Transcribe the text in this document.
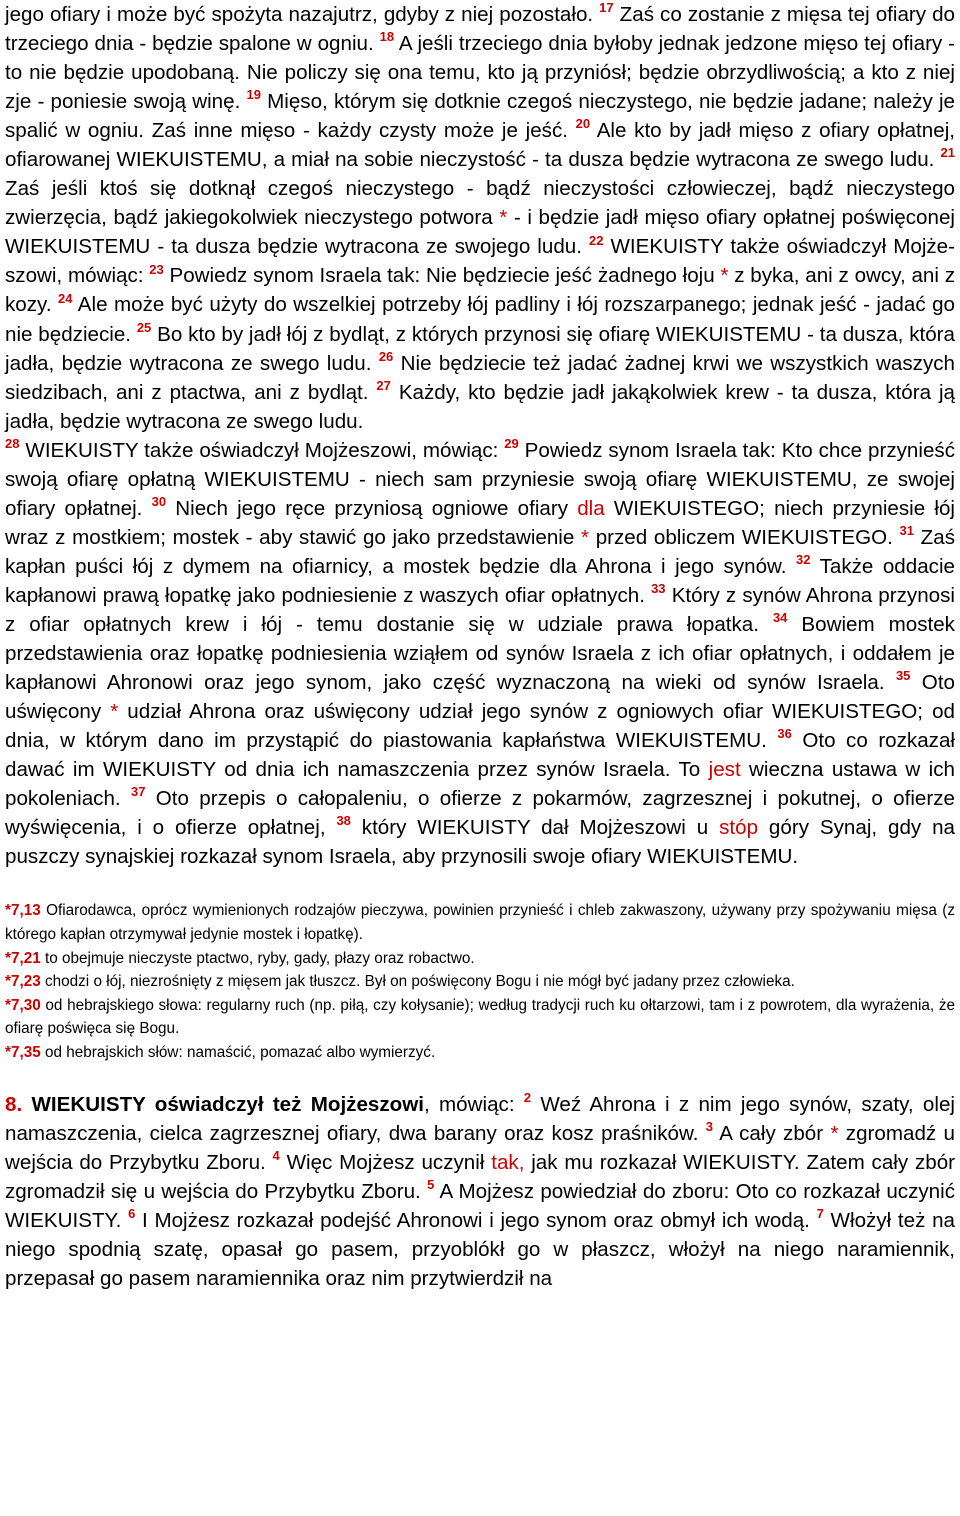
jego ofiary i może być spożyta nazajutrz, gdyby z niej pozostało. $^{17}$ Zaś co zostanie z mięsa tej ofiary do trzeciego dnia - będzie spalone w ogniu. $^{18}$ A jeśli trzeciego dnia byłoby jednak jedzone mięso tej ofiary - to nie będzie upodobaną. Nie policzy się ona temu, kto ją przyniósł; będzie obrzydliwością; a kto z niej zje - poniesie swoją winę. $^{19}$ Mięso, którym się dotknie czegoś nieczystego, nie będzie jadane; należy je spalić w ogniu. Zaś inne mięso - każdy czysty może je jeść. $^{20}$ Ale kto by jadł mięso z ofiary opłatnej, ofiarowanej WIEKUISTEMU, a miał na sobie nieczystość - ta dusza będzie wytracona ze swego ludu. $^{21}$ Zaś jeśli ktoś się dotknął czegoś nieczystego - bądź nieczystości człowieczej, bądź nieczystego zwierzęcia, bądź jakiegokolwiek nieczystego potwora * - i będzie jadł mięso ofiary opłatnej poświęconej WIEKUISTEMU - ta dusza będzie wytracona ze swojego ludu. $^{22}$ WIEKUISTY także oświadczył Mojżeszowi, mówiąc: $^{23}$ Powiedz synom Israela tak: Nie będziecie jeść żadnego łoju * z byka, ani z owcy, ani z kozy. $^{24}$ Ale może być użyty do wszelkiej potrzeby łój padliny i łój rozszarpanego; jednak jeść - jadać go nie będziecie. $^{25}$ Bo kto by jadł łój z bydląt, z których przynosi się ofiarę WIEKUISTEMU - ta dusza, która jadła, będzie wytracona ze swego ludu. $^{26}$ Nie będziecie też jadać żadnej krwi we wszystkich waszych siedzibach, ani z ptactwa, ani z bydląt. $^{27}$ Każdy, kto będzie jadł jakąkolwiek krew - ta dusza, która ją jadła, będzie wytracona ze swego ludu.

$^{28}$ WIEKUISTY także oświadczył Mojżeszowi, mówiąc: $^{29}$ Powiedz synom Israela tak: Kto chce przynieść swoją ofiarę opłatną WIEKUISTEMU - niech sam przyniesie swoją ofiarę WIEKUISTEMU, ze swojej ofiary opłatnej. $^{30}$ Niech jego ręce przyniosą ogniowe ofiary dla WIEKUISTEGO; niech przyniesie łój wraz z mostkiem; mostek - aby stawić go jako przedstawienie * przed obliczem WIEKUISTEGO. $^{31}$ Zaś kapłan puści łój z dymem na ofiarnicy, a mostek będzie dla Ahrona i jego synów. $^{32}$ Także oddacie kapłanowi prawą łopatkę jako podniesienie z waszych ofiar opłatnych. $^{33}$ Który z synów Ahrona przynosi z ofiar opłatnych krew i łój - temu dostanie się w udziale prawa łopatka. $^{34}$ Bowiem mostek przedstawienia oraz łopatkę podniesienia wziąłem od synów Israela z ich ofiar opłatnych, i oddałem je kapłanowi Ahronowi oraz jego synom, jako część wyznaczoną na wieki od synów Israela. $^{35}$ Oto uświęcony * udział Ahrona oraz uświęcony udział jego synów z ogniowych ofiar WIEKUISTEGO; od dnia, w którym dano im przystąpić do piastowania kapłaństwa WIEKUISTEMU. $^{36}$ Oto co rozkazał dawać im WIEKUISTY od dnia ich namaszczenia przez synów Israela. To jest wieczna ustawa w ich pokoleniach. $^{37}$ Oto przepis o całopaleniu, o ofierze z pokarmów, zagrzesznej i pokutnej, o ofierze wyświęcenia, i o ofierze opłatnej, $^{38}$ który WIEKUISTY dał Mojżeszowi u stóp góry Synaj, gdy na puszczy synajskiej rozkazał synom Israela, aby przynosili swoje ofiary WIEKUISTEMU.

*7,13 Ofiarodawca, oprócz wymienionych rodzajów pieczywa, powinien przynieść i chleb zakwaszony, używany przy spożywaniu mięsa (z którego kapłan otrzymywał jedynie mostek i łopatkę).

*7,21 to obejmuje nieczyste ptactwo, ryby, gady, płazy oraz robactwo.

*7,23 chodzi o łój, niezrośnięty z mięsem jak tłuszcz. Był on poświęcony Bogu i nie mógł być jadany przez człowieka.

*7,30 od hebrajskiego słowa: regularny ruch (np. piłą, czy kołysanie); według tradycji ruch ku ołtarzowi, tam i z powrotem, dla wyrażenia, że ofiarę poświęca się Bogu.

*7,35 od hebrajskich słów: namaścić, pomazać albo wymierzyć.

8. WIEKUISTY oświadczył też Mojżeszowi, mówiąc: $^2$ Weź Ahrona i z nim jego synów, szaty, olej namaszczenia, cielca zagrzesznej ofiary, dwa barany oraz kosz praśników. $^3$ A cały zbór * zgromadź u wejścia do Przybytku Zboru. $^4$ Więc Mojżesz uczynił tak, jak mu rozkazał WIEKUISTY. Zatem cały zbór zgromadził się u wejścia do Przybytku Zboru. $^5$ A Mojżesz powiedział do zboru: Oto co rozkazał uczynić WIEKUISTY. $^6$ I Mojżesz rozkazał podejść Ahronowi i jego synom oraz obmył ich wodą. $^7$ Włożył też na niego spodnią szatę, opasał go pasem, przyoblókł go w płaszcz, włożył na niego naramiennik, przepasał go pasem naramiennika oraz nim przytwierdził na
